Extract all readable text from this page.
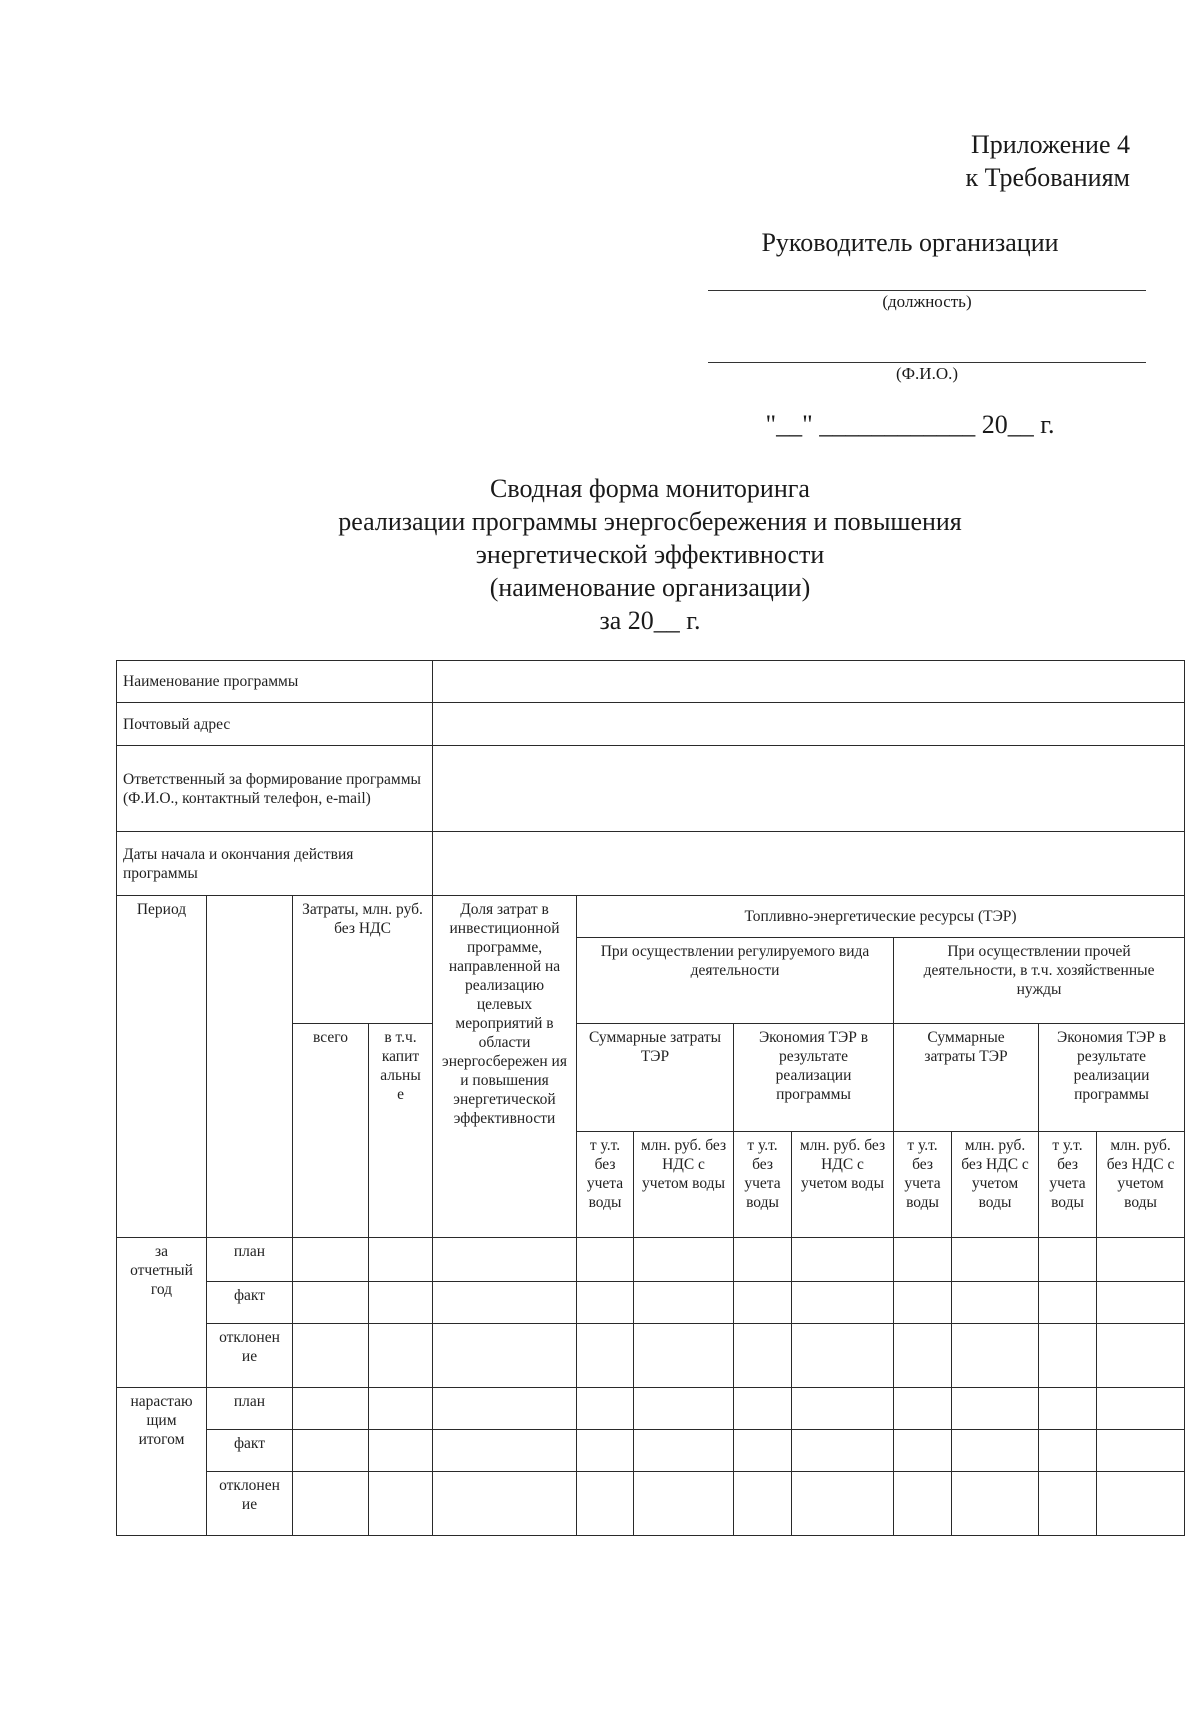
Приложение 4
к Требованиям
Руководитель организации
(должность)
(Ф.И.О.)
"__" ____________ 20__ г.
Сводная форма мониторинга
реализации программы энергосбережения и повышения
энергетической эффективности
(наименование организации)
за 20__ г.
Наименование программы												
Почтовый адрес												
Ответственный за формирование программы (Ф.И.О., контактный телефон, e-mail)												
Даты начала и окончания действия программы												
Период		Затраты, млн. руб. без НДС		Доля затрат в инвестиционной программе, направленной на реализацию целевых мероприятий в области энергосбережен ия и повышения энергетической эффективности	Топливно-энергетические ресурсы (ТЭР)							
					При осуществлении регулируемого вида деятельности				При осуществлении прочей деятельности, в т.ч. хозяйственные нужды			

		всего	в т.ч. капит альны е		Суммарные затраты ТЭР		Экономия ТЭР в результате реализации программы		Суммарные затраты ТЭР		Экономия ТЭР в результате реализации программы	
					т у.т. без учета воды	млн. руб. без НДС с учетом воды	т у.т. без учета воды	млн. руб. без НДС с учетом воды	т у.т. без учета воды	млн. руб. без НДС с учетом воды	т у.т. без учета воды	млн. руб. без НДС с учетом воды
за отчетный год	план											
	факт											
	отклонен ие											
нарастаю щим итогом	план											
	факт											
	отклонен ие											
